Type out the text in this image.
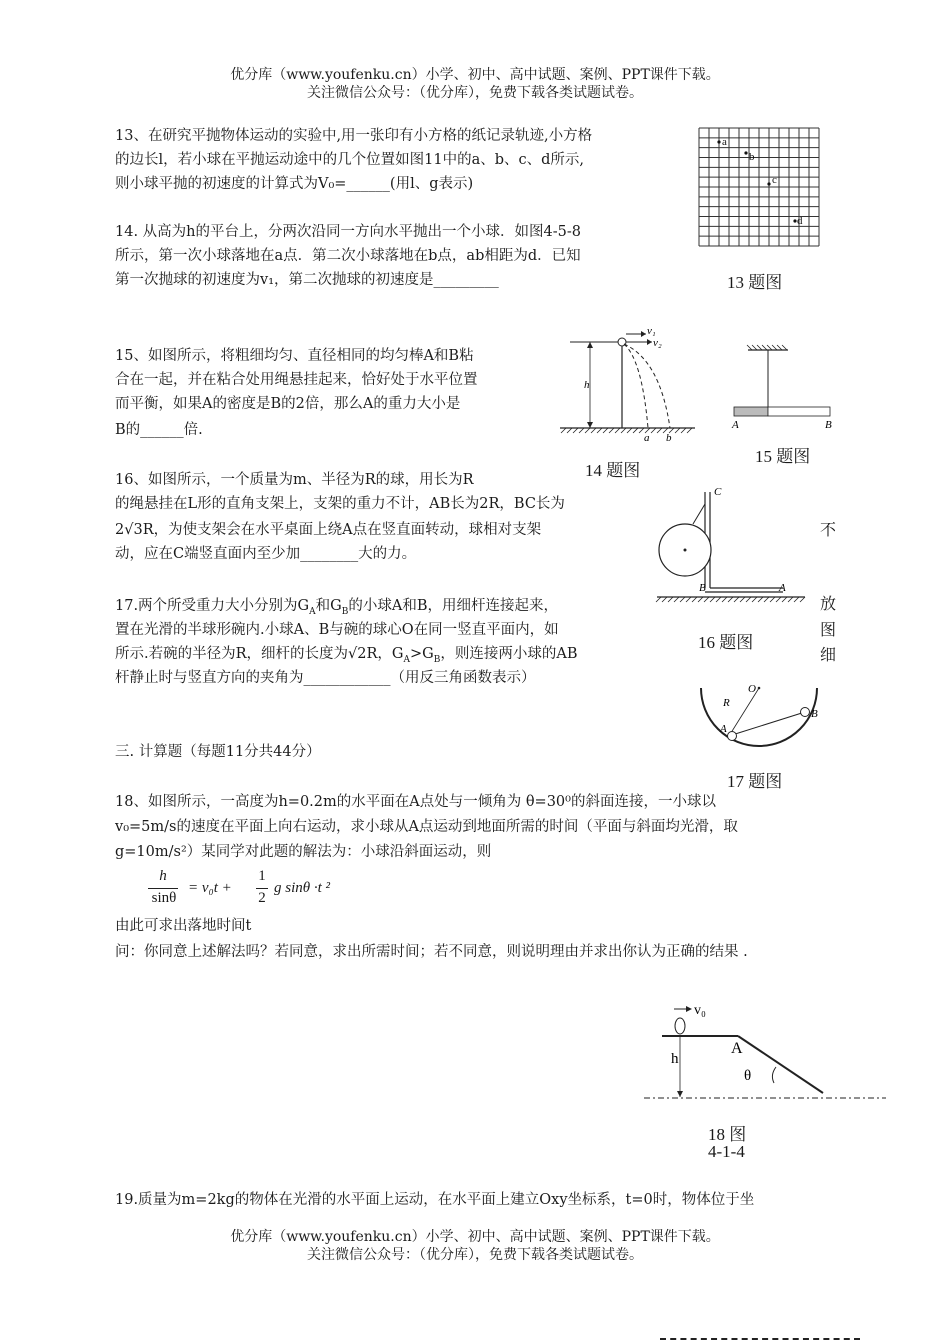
优分库（www.youfenku.cn）小学、初中、高中试题、案例、PPT课件下载。
关注微信公众号：（优分库），免费下载各类试题试卷。
13、在研究平抛物体运动的实验中,用一张印有小方格的纸记录轨迹,小方格
的边长l，若小球在平抛运动途中的几个位置如图11中的a、b、c、d所示,
则小球平抛的初速度的计算式为V₀=______(用l、g表示)
a
b
c
d
13 题图
14. 从高为h的平台上，分两次沿同一方向水平抛出一个小球．如图4-5-8
所示，第一次小球落地在a点．第二次小球落地在b点，ab相距为d．已知
第一次抛球的初速度为v₁，第二次抛球的初速度是_________
h
v₁
v₂
a b
14 题图
15、如图所示，将粗细均匀、直径相同的均匀棒A和B粘
合在一起，并在粘合处用绳悬挂起来，恰好处于水平位置
而平衡，如果A的密度是B的2倍，那么A的重力大小是
B的______倍.	A	B
15 题图
16、如图所示，一个质量为m、半径为R的球，用长为R
的绳悬挂在L形的直角支架上，支架的重力不计，AB长为2R，BC长为
2√3R，为使支架会在水平桌面上绕A点在竖直面转动，球相对支架
动，应在C端竖直面内至少加________大的力。
C
B	A
16 题图
不
放
图
细
17.两个所受重力大小分别为$G_A$和$G_B$的小球A和B，用细杆连接起来，
置在光滑的半球形碗内.小球A、B与碗的球心O在同一竖直平面内，如
所示.若碗的半径为R，细杆的长度为√2R，$G_A>G_B$，则连接两小球的AB
杆静止时与竖直方向的夹角为____________（用反三角函数表示）
O
R
A
B
17 题图
三. 计算题（每题11分共44分）
18、如图所示，一高度为h=0.2m的水平面在A点处与一倾角为 θ=30⁰的斜面连接，一小球以
v₀=5m/s的速度在平面上向右运动，求小球从A点运动到地面所需的时间（平面与斜面均光滑，取
g=10m/s²）某同学对此题的解法为：小球沿斜面运动，则
h
sinθ
= v₀t +
1
2
g sinθ ·t ²
由此可求出落地时间t
问：你同意上述解法吗？若同意，求出所需时间；若不同意，则说明理由并求出你认为正确的结果 .
v₀
h
A
θ
18 图
4-1-4
19.质量为m=2kg的物体在光滑的水平面上运动，在水平面上建立Oxy坐标系，t=0时，物体位于坐
优分库（www.youfenku.cn）小学、初中、高中试题、案例、PPT课件下载。
关注微信公众号：（优分库），免费下载各类试题试卷。
